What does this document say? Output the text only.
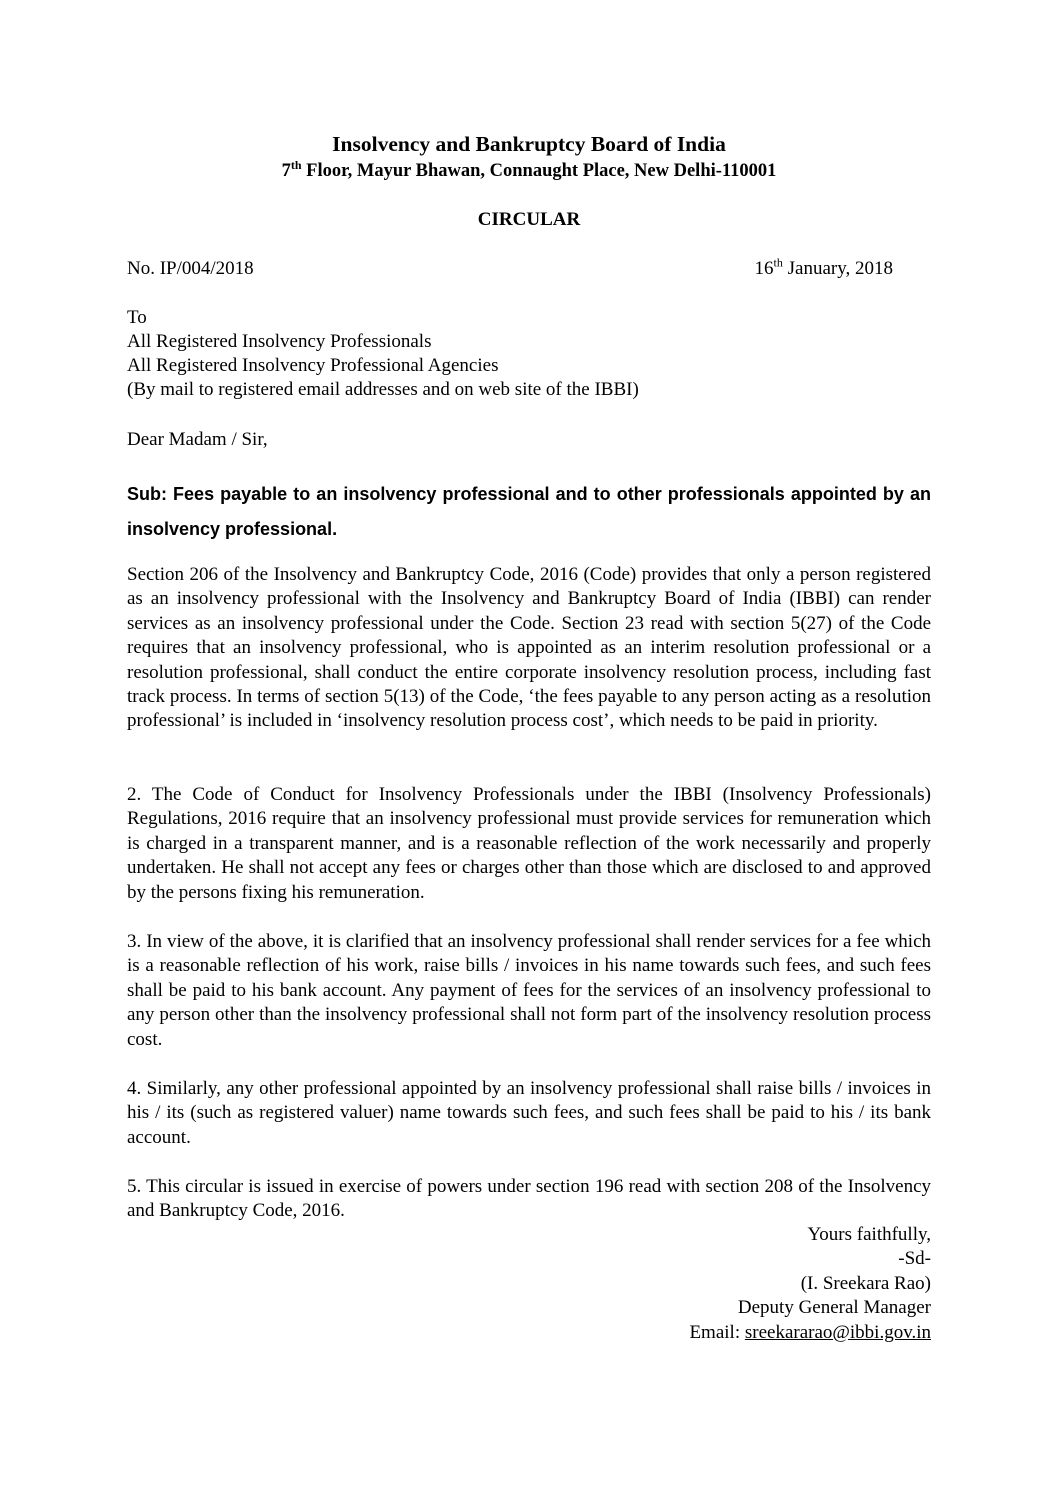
Insolvency and Bankruptcy Board of India
7th Floor, Mayur Bhawan, Connaught Place, New Delhi-110001
CIRCULAR
No. IP/004/2018	16th January, 2018
To
All Registered Insolvency Professionals
All Registered Insolvency Professional Agencies
(By mail to registered email addresses and on web site of the IBBI)
Dear Madam / Sir,
Sub: Fees payable to an insolvency professional and to other professionals appointed by an insolvency professional.
Section 206 of the Insolvency and Bankruptcy Code, 2016 (Code) provides that only a person registered as an insolvency professional with the Insolvency and Bankruptcy Board of India (IBBI) can render services as an insolvency professional under the Code. Section 23 read with section 5(27) of the Code requires that an insolvency professional, who is appointed as an interim resolution professional or a resolution professional, shall conduct the entire corporate insolvency resolution process, including fast track process. In terms of section 5(13) of the Code, ‘the fees payable to any person acting as a resolution professional’ is included in ‘insolvency resolution process cost’, which needs to be paid in priority.
2. The Code of Conduct for Insolvency Professionals under the IBBI (Insolvency Professionals) Regulations, 2016 require that an insolvency professional must provide services for remuneration which is charged in a transparent manner, and is a reasonable reflection of the work necessarily and properly undertaken. He shall not accept any fees or charges other than those which are disclosed to and approved by the persons fixing his remuneration.
3. In view of the above, it is clarified that an insolvency professional shall render services for a fee which is a reasonable reflection of his work, raise bills / invoices in his name towards such fees, and such fees shall be paid to his bank account. Any payment of fees for the services of an insolvency professional to any person other than the insolvency professional shall not form part of the insolvency resolution process cost.
4. Similarly, any other professional appointed by an insolvency professional shall raise bills / invoices in his / its (such as registered valuer) name towards such fees, and such fees shall be paid to his / its bank account.
5. This circular is issued in exercise of powers under section 196 read with section 208 of the Insolvency and Bankruptcy Code, 2016.
Yours faithfully,
-Sd-
(I. Sreekara Rao)
Deputy General Manager
Email: sreekararao@ibbi.gov.in
